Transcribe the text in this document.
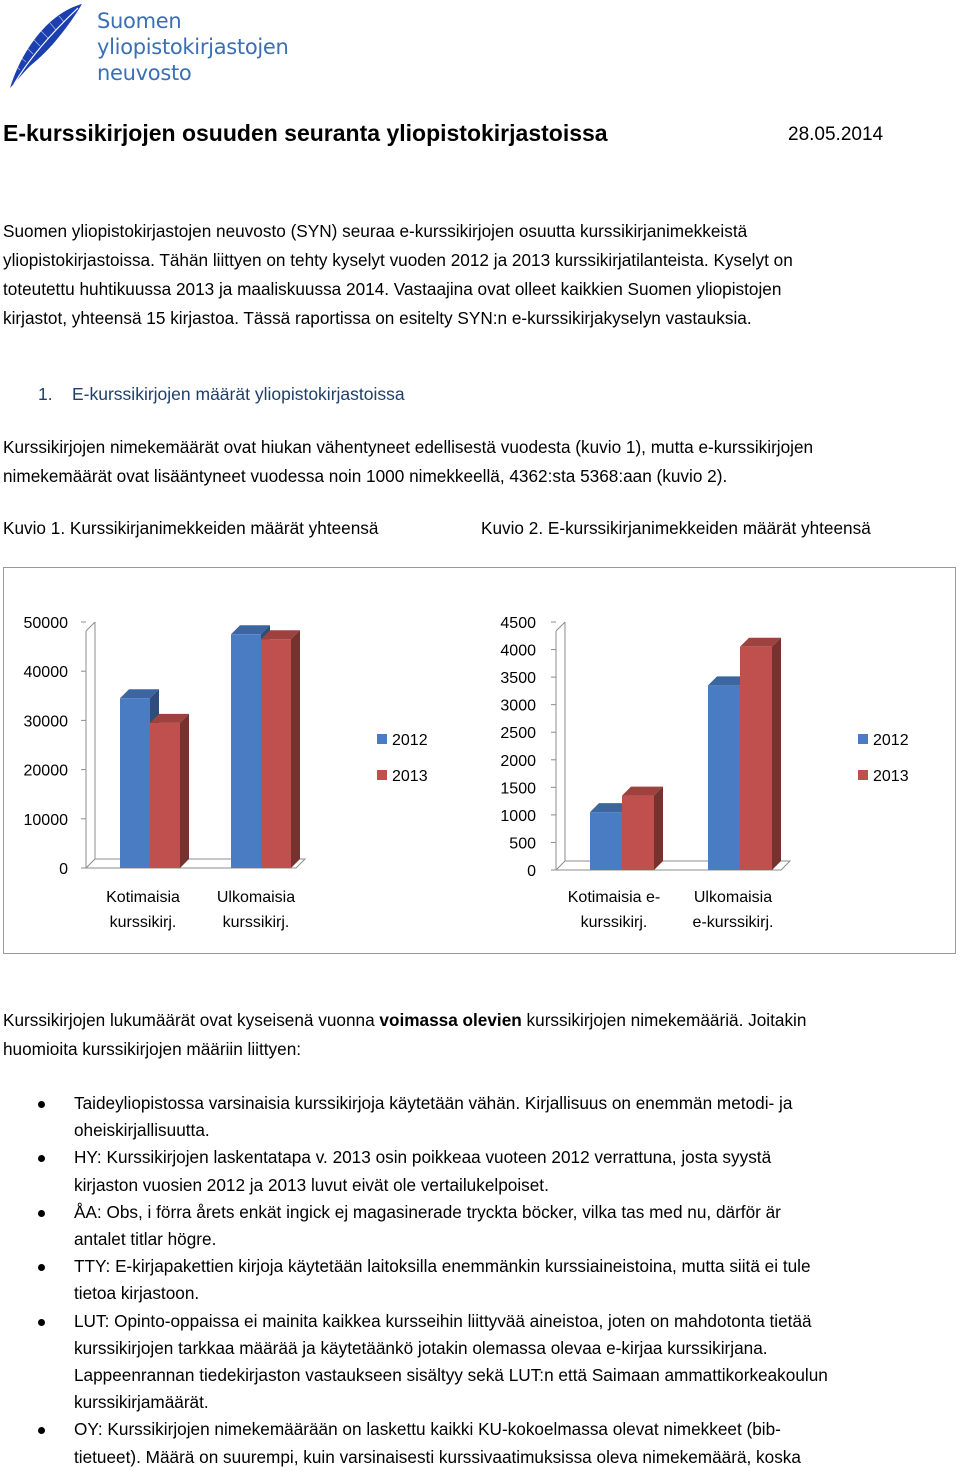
Suomen
yliopistokirjastojen
neuvosto
E-kurssikirjojen osuuden seuranta yliopistokirjastoissa	28.05.2014
Suomen yliopistokirjastojen neuvosto (SYN) seuraa e-kurssikirjojen osuutta kurssikirjanimekkeistä
yliopistokirjastoissa. Tähän liittyen on tehty kyselyt vuoden 2012 ja 2013 kurssikirjatilanteista. Kyselyt on
toteutettu huhtikuussa 2013 ja maaliskuussa 2014. Vastaajina ovat olleet kaikkien Suomen yliopistojen
kirjastot, yhteensä 15 kirjastoa. Tässä raportissa on esitelty SYN:n e-kurssikirjakyselyn vastauksia.
1. E-kurssikirjojen määrät yliopistokirjastoissa
Kurssikirjojen nimekemäärät ovat hiukan vähentyneet edellisestä vuodesta (kuvio 1), mutta e-kurssikirjojen
nimekemäärät ovat lisääntyneet vuodessa noin 1000 nimekkeellä, 4362:sta 5368:aan (kuvio 2).
Kuvio 1. Kurssikirjanimekkeiden määrät yhteensä	Kuvio 2. E-kurssikirjanimekkeiden määrät yhteensä
0
10000
20000
30000
40000
50000
Kotimaisia
kurssikirj.
Ulkomaisia
kurssikirj.
2012
2013
0
500
1000
1500
2000
2500
3000
3500
4000
4500
Kotimaisia e-
kurssikirj.
Ulkomaisia
e-kurssikirj.
2012
2013
Kurssikirjojen lukumäärät ovat kyseisenä vuonna voimassa olevien kurssikirjojen nimekemääriä. Joitakin
huomioita kurssikirjojen määriin liittyen:
Taideyliopistossa varsinaisia kurssikirjoja käytetään vähän. Kirjallisuus on enemmän metodi- ja
oheiskirjallisuutta.
HY: Kurssikirjojen laskentatapa v. 2013 osin poikkeaa vuoteen 2012 verrattuna, josta syystä
kirjaston vuosien 2012 ja 2013 luvut eivät ole vertailukelpoiset.
ÅA: Obs, i förra årets enkät ingick ej magasinerade tryckta böcker, vilka tas med nu, därför är
antalet titlar högre.
TTY: E-kirjapakettien kirjoja käytetään laitoksilla enemmänkin kurssiaineistoina, mutta siitä ei tule
tietoa kirjastoon.
LUT: Opinto-oppaissa ei mainita kaikkea kursseihin liittyvää aineistoa, joten on mahdotonta tietää
kurssikirjojen tarkkaa määrää ja käytetäänkö jotakin olemassa olevaa e-kirjaa kurssikirjana.
Lappeenrannan tiedekirjaston vastaukseen sisältyy sekä LUT:n että Saimaan ammattikorkeakoulun
kurssikirjamäärät.
OY: Kurssikirjojen nimekemäärään on laskettu kaikki KU-kokoelmassa olevat nimekkeet (bib-
tietueet). Määrä on suurempi, kuin varsinaisesti kurssivaatimuksissa oleva nimekemäärä, koska
